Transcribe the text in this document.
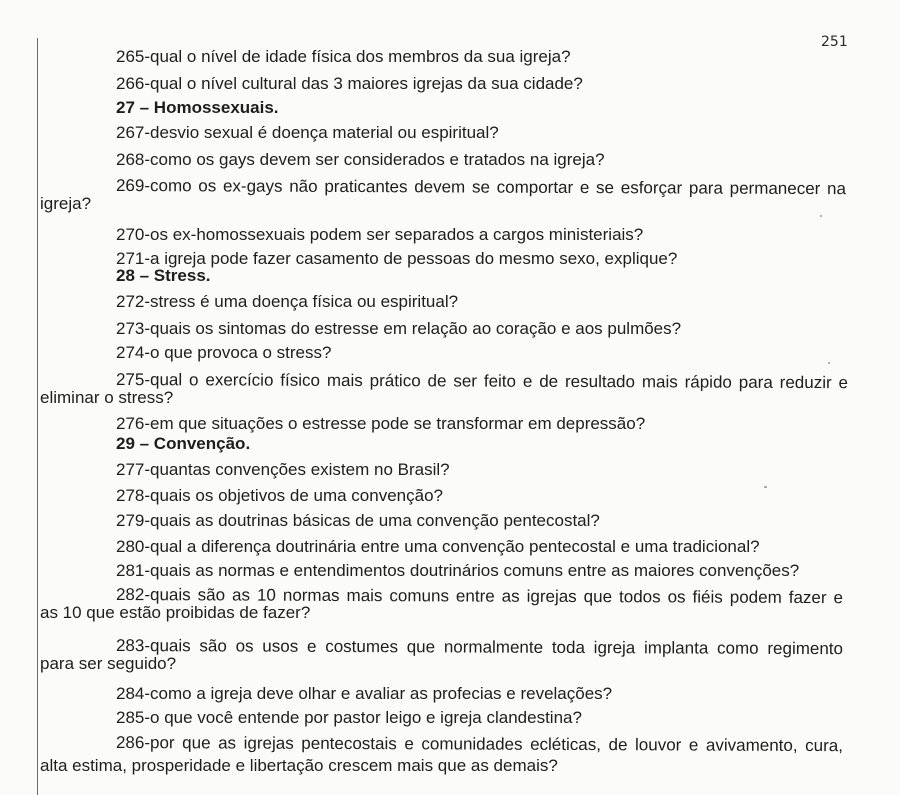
251
265-qual o nível de idade física dos membros da sua igreja?
266-qual o nível cultural das 3 maiores igrejas da sua cidade?
27 – Homossexuais.
267-desvio sexual é doença material ou espiritual?
268-como os gays devem ser considerados e tratados na igreja?
269-como os ex-gays não praticantes devem se comportar e se esforçar para permanecer na
igreja?
270-os ex-homossexuais podem ser separados a cargos ministeriais?
271-a igreja pode fazer casamento de pessoas do mesmo sexo, explique?
28 – Stress.
272-stress é uma doença física ou espiritual?
273-quais os sintomas do estresse em relação ao coração e aos pulmões?
274-o que provoca o stress?
275-qual o exercício físico mais prático de ser feito e de resultado mais rápido para reduzir e
eliminar o stress?
276-em que situações o estresse pode se transformar em depressão?
29 – Convenção.
277-quantas convenções existem no Brasil?
278-quais os objetivos de uma convenção?
279-quais as doutrinas básicas de uma convenção pentecostal?
280-qual a diferença doutrinária entre uma convenção pentecostal e uma tradicional?
281-quais as normas e entendimentos doutrinários comuns entre as maiores convenções?
282-quais são as 10 normas mais comuns entre as igrejas que todos os fiéis podem fazer e
as 10 que estão proibidas de fazer?
283-quais são os usos e costumes que normalmente toda igreja implanta como regimento
para ser seguido?
284-como a igreja deve olhar e avaliar as profecias e revelações?
285-o que você entende por pastor leigo e igreja clandestina?
286-por que as igrejas pentecostais e comunidades ecléticas, de louvor e avivamento, cura,
alta estima, prosperidade e libertação crescem mais que as demais?
